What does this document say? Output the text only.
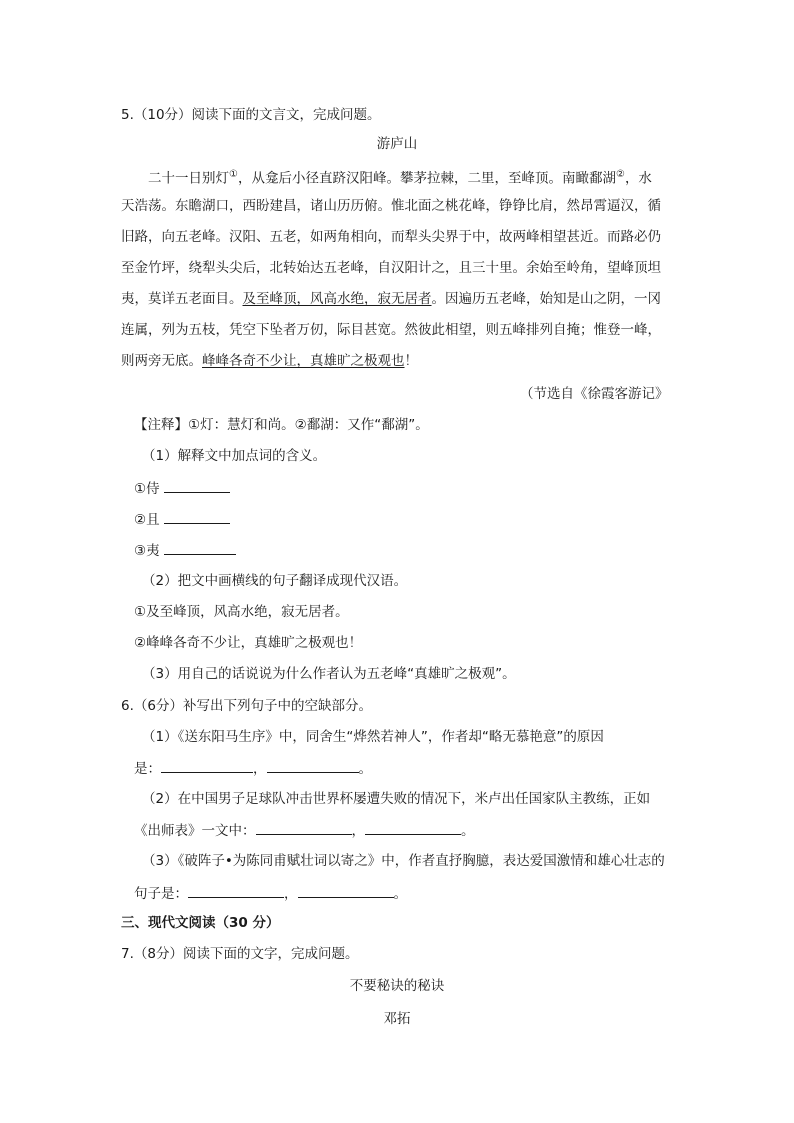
5.（10分）阅读下面的文言文，完成问题。
游庐山
二十一日别灯①，从龛后小径直跻汉阳峰。攀茅拉棘，二里，至峰顶。南瞰鄱湖②，水
天浩荡。东瞻湖口，西盼建昌，诸山历历俯。惟北面之桃花峰，铮铮比肩，然昂霄逼汉，循
旧路，向五老峰。汉阳、五老，如两角相向，而犁头尖界于中，故两峰相望甚近。而路必仍
至金竹坪，绕犁头尖后，北转始达五老峰，自汉阳计之，且三十里。余始至岭角，望峰顶坦
夷，莫详五老面目。及至峰顶，风高水绝，寂无居者。因遍历五老峰，始知是山之阴，一冈
连属，列为五枝，凭空下坠者万仞，际目甚宽。然彼此相望，则五峰排列自掩；惟登一峰，
则两旁无底。峰峰各奇不少让，真雄旷之极观也！
（节选自《徐霞客游记》
【注释】①灯：慧灯和尚。②鄱湖：又作“鄱湖”。
（1）解释文中加点词的含义。
①侍
②且
③夷
（2）把文中画横线的句子翻译成现代汉语。
①及至峰顶，风高水绝，寂无居者。
②峰峰各奇不少让，真雄旷之极观也！
（3）用自己的话说说为什么作者认为五老峰“真雄旷之极观”。
6.（6分）补写出下列句子中的空缺部分。
（1）《送东阳马生序》中，同舍生“烨然若神人”，作者却“略无慕艳意”的原因
是：	，	。
（2）在中国男子足球队冲击世界杯屡遭失败的情况下，米卢出任国家队主教练，正如
《出师表》一文中：	，	。
（3）《破阵子•为陈同甫赋壮词以寄之》中，作者直抒胸臆，表达爱国激情和雄心壮志的
句子是：	，	。
三、现代文阅读（30 分）
7.（8分）阅读下面的文字，完成问题。
不要秘诀的秘诀
邓拓
